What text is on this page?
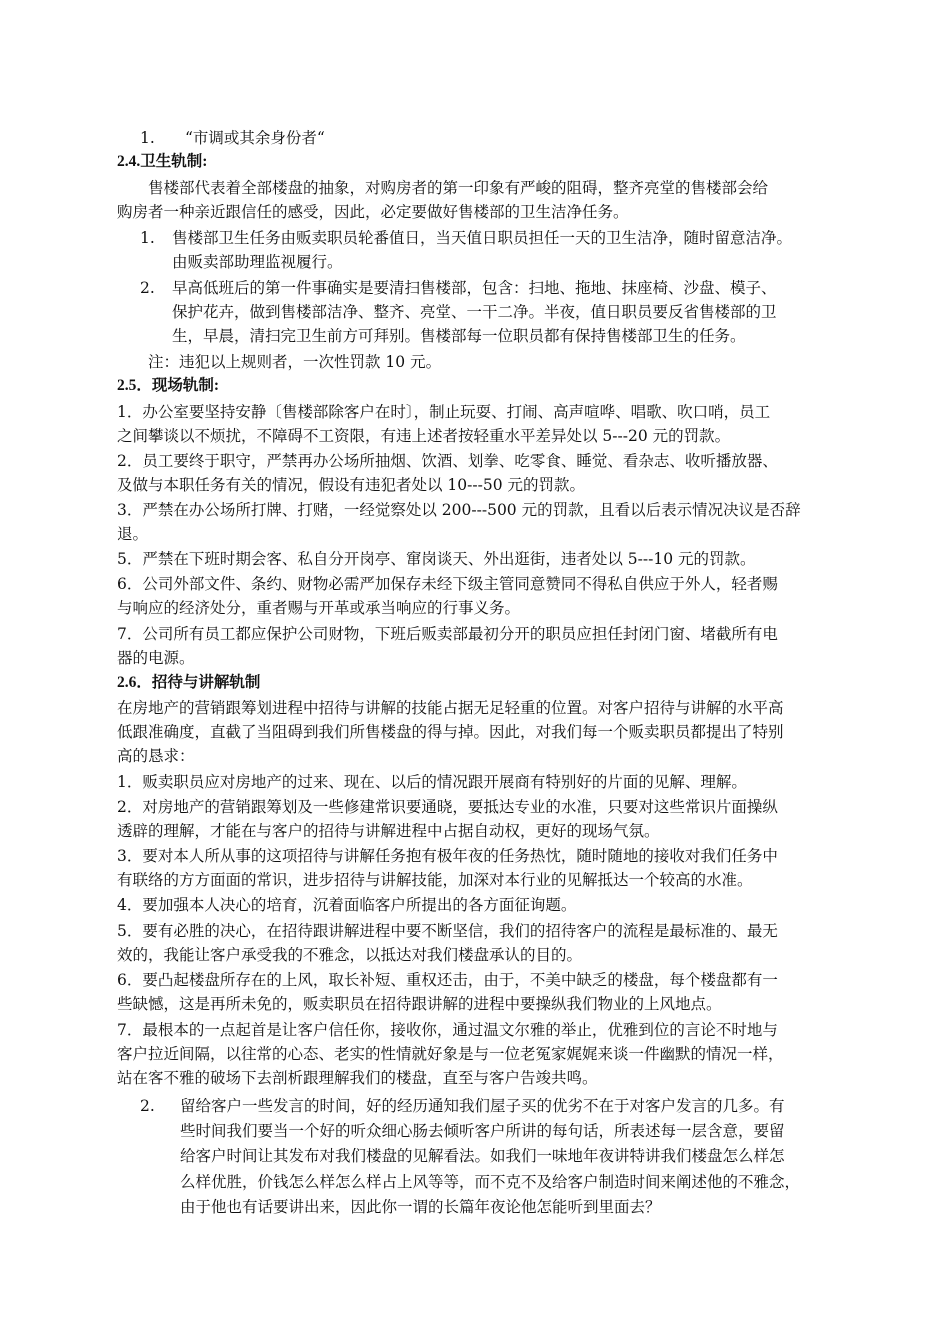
1. “市调或其余身份者“
2.4.卫生轨制:
售楼部代表着全部楼盘的抽象，对购房者的第一印象有严峻的阻碍，整齐亮堂的售楼部会给
购房者一种亲近跟信任的感受，因此，必定要做好售楼部的卫生洁净任务。
1. 售楼部卫生任务由贩卖职员轮番值日，当天值日职员担任一天的卫生洁净，随时留意洁净。
由贩卖部助理监视履行。
2. 早高低班后的第一件事确实是要清扫售楼部，包含：扫地、拖地、抹座椅、沙盘、模子、
保护花卉，做到售楼部洁净、整齐、亮堂、一干二净。半夜，值日职员要反省售楼部的卫
生，早晨，清扫完卫生前方可拜别。售楼部每一位职员都有保持售楼部卫生的任务。
注：违犯以上规则者，一次性罚款 10 元。
2.5．现场轨制:
1．办公室要坚持安静〔售楼部除客户在时〕，制止玩耍、打闹、高声喧哗、唱歌、吹口哨，员工
之间攀谈以不烦扰，不障碍不工资限，有违上述者按轻重水平差异处以 5---20 元的罚款。
2．员工要终于职守，严禁再办公场所抽烟、饮酒、划拳、吃零食、睡觉、看杂志、收听播放器、
及做与本职任务有关的情况，假设有违犯者处以 10---50 元的罚款。
3．严禁在办公场所打牌、打赌，一经觉察处以 200---500 元的罚款，且看以后表示情况决议是否辞
退。
5．严禁在下班时期会客、私自分开岗亭、窜岗谈天、外出逛街，违者处以 5---10 元的罚款。
6．公司外部文件、条约、财物必需严加保存未经下级主管同意赞同不得私自供应于外人，轻者赐
与响应的经济处分，重者赐与开革或承当响应的行事义务。
7．公司所有员工都应保护公司财物，下班后贩卖部最初分开的职员应担任封闭门窗、堵截所有电
器的电源。
2.6．招待与讲解轨制
在房地产的营销跟筹划进程中招待与讲解的技能占据无足轻重的位置。对客户招待与讲解的水平高
低跟准确度，直截了当阻碍到我们所售楼盘的得与掉。因此，对我们每一个贩卖职员都提出了特别
高的恳求：
1．贩卖职员应对房地产的过来、现在、以后的情况跟开展商有特别好的片面的见解、理解。
2．对房地产的营销跟筹划及一些修建常识要通晓，要抵达专业的水准，只要对这些常识片面操纵
透辟的理解，才能在与客户的招待与讲解进程中占据自动权，更好的现场气氛。
3．要对本人所从事的这项招待与讲解任务抱有极年夜的任务热忱，随时随地的接收对我们任务中
有联络的方方面面的常识，进步招待与讲解技能，加深对本行业的见解抵达一个较高的水准。
4．要加强本人决心的培育，沉着面临客户所提出的各方面征询题。
5．要有必胜的决心，在招待跟讲解进程中要不断坚信，我们的招待客户的流程是最标准的、最无
效的，我能让客户承受我的不雅念，以抵达对我们楼盘承认的目的。
6．要凸起楼盘所存在的上风，取长补短、重权还击，由于，不美中缺乏的楼盘，每个楼盘都有一
些缺憾，这是再所未免的，贩卖职员在招待跟讲解的进程中要操纵我们物业的上风地点。
7．最根本的一点起首是让客户信任你，接收你，通过温文尔雅的举止，优雅到位的言论不时地与
客户拉近间隔，以往常的心态、老实的性情就好象是与一位老冤家娓娓来谈一件幽默的情况一样，
站在客不雅的破场下去剖析跟理解我们的楼盘，直至与客户告竣共鸣。
2. 留给客户一些发言的时间，好的经历通知我们屋子买的优劣不在于对客户发言的几多。有
些时间我们要当一个好的听众细心肠去倾听客户所讲的每句话，所表述每一层含意，要留
给客户时间让其发布对我们楼盘的见解看法。如我们一味地年夜讲特讲我们楼盘怎么样怎
么样优胜，价钱怎么样怎么样占上风等等，而不克不及给客户制造时间来阐述他的不雅念，
由于他也有话要讲出来，因此你一谓的长篇年夜论他怎能听到里面去？
